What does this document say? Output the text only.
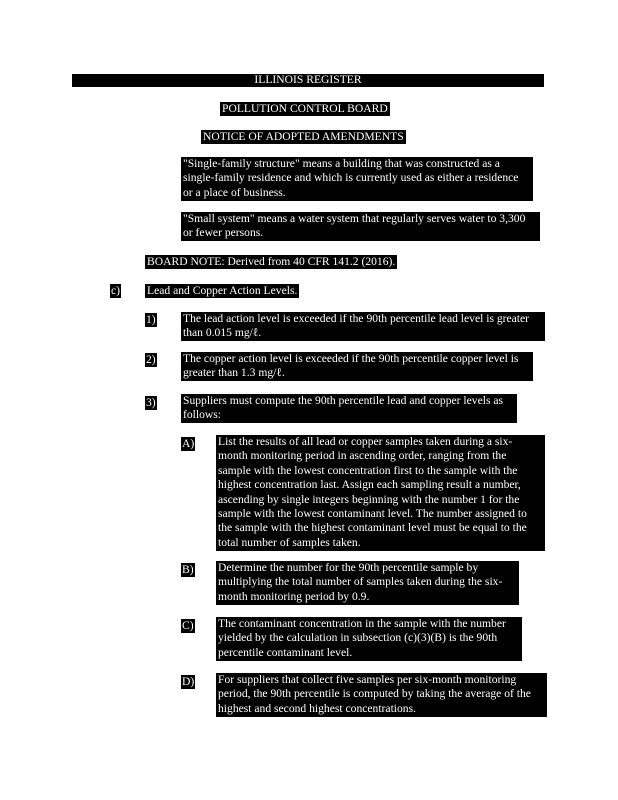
ILLINOIS REGISTER
POLLUTION CONTROL BOARD
NOTICE OF ADOPTED AMENDMENTS
"Single-family structure" means a building that was constructed as a
single-family residence and which is currently used as either a residence
or a place of business.
"Small system" means a water system that regularly serves water to 3,300
or fewer persons.
BOARD NOTE: Derived from 40 CFR 141.2 (2016).
c) Lead and Copper Action Levels.
1) The lead action level is exceeded if the 90th percentile lead level is greater
than 0.015 mg/ℓ.
2) The copper action level is exceeded if the 90th percentile copper level is
greater than 1.3 mg/ℓ.
3) Suppliers must compute the 90th percentile lead and copper levels as
follows:
A) List the results of all lead or copper samples taken during a six-
month monitoring period in ascending order, ranging from the
sample with the lowest concentration first to the sample with the
highest concentration last. Assign each sampling result a number,
ascending by single integers beginning with the number 1 for the
sample with the lowest contaminant level. The number assigned to
the sample with the highest contaminant level must be equal to the
total number of samples taken.
B) Determine the number for the 90th percentile sample by
multiplying the total number of samples taken during the six-
month monitoring period by 0.9.
C) The contaminant concentration in the sample with the number
yielded by the calculation in subsection (c)(3)(B) is the 90th
percentile contaminant level.
D) For suppliers that collect five samples per six-month monitoring
period, the 90th percentile is computed by taking the average of the
highest and second highest concentrations.
